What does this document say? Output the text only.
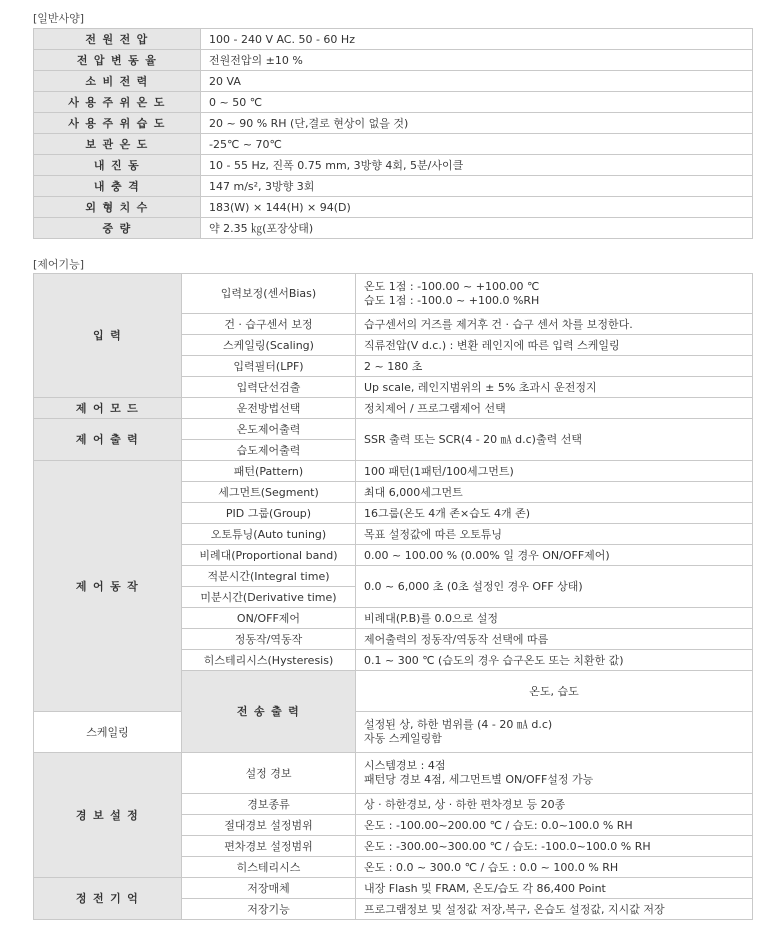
[일반사양]
전 원 전 압	100 - 240 V AC. 50 - 60 Hz
전 압 변 동 율	전원전압의 ±10 %
소 비 전 력	20 VA
사 용 주 위 온 도	0 ~ 50 ℃
사 용 주 위 습 도	20 ~ 90 % RH (단,결로 현상이 없을 것)
보 관 온 도	-25℃ ~ 70℃
내 진 동	10 - 55 Hz, 진폭 0.75 mm, 3방향 4회, 5분/사이클
내 충 격	147 m/s², 3방향 3회
외 형 치 수	183(W) × 144(H) × 94(D)
중 량	약 2.35 ㎏(포장상태)
[제어기능]
입 력	입력보정(센서Bias)	온도 1점 : -100.00 ~ +100.00 ℃
습도 1점 : -100.0 ~ +100.0 %RH	

	건 · 습구센서 보정	습구센서의 거즈를 제거후 건 · 습구 센서 차를 보정한다.	
	스케일링(Scaling)	직류전압(V d.c.) : 변환 레인지에 따른 입력 스케일링	
	입력필터(LPF)	2 ~ 180 초	
	입력단선검출	Up scale, 레인지범위의 ± 5% 초과시 운전정지	
제 어 모 드	운전방법선택	정치제어 / 프로그램제어 선택	
제 어 출 력	온도제어출력	SSR 출력 또는 SCR(4 - 20 ㎃ d.c)출력 선택	
	습도제어출력		
제 어 동 작	패턴(Pattern)	100 패턴(1패턴/100세그먼트)	
	세그먼트(Segment)	최대 6,000세그먼트	
	PID 그룹(Group)	16그룹(온도 4개 존×습도 4개 존)	
	오토튜닝(Auto tuning)	목표 설정값에 따른 오토튜닝	
	비례대(Proportional band)	0.00 ~ 100.00 % (0.00% 일 경우 ON/OFF제어)	
	적분시간(Integral time)	0.0 ~ 6,000 초 (0초 설정인 경우 OFF 상태)	
	미분시간(Derivative time)		
	ON/OFF제어	비례대(P.B)를 0.0으로 설정	
	정동작/역동작	제어출력의 정동작/역동작 선택에 따름	
	히스테리시스(Hysteresis)	0.1 ~ 300 ℃ (습도의 경우 습구온도 또는 치환한 값)	
	전 송 출 력	온도, 습도	

스케일링		설정된 상, 하한 범위를 (4 - 20 ㎃ d.c)
자동 스케일링함	

경 보 설 정	설정 경보	시스템경보 : 4점
패턴당 경보 4점, 세그먼트별 ON/OFF설정 가능	

	경보종류	상 · 하한경보, 상 · 하한 편차경보 등 20종	
	절대경보 설정범위	온도 : -100.00~200.00 ℃ / 습도: 0.0~100.0 % RH	
	편차경보 설정범위	온도 : -300.00~300.00 ℃ / 습도: -100.0~100.0 % RH	
	히스테리시스	온도 : 0.0 ~ 300.0 ℃ / 습도 : 0.0 ~ 100.0 % RH	
정 전 기 억	저장매체	내장 Flash 및 FRAM, 온도/습도 각 86,400 Point	
	저장기능	프로그램정보 및 설정값 저장,복구, 온습도 설정값, 지시값 저장	
